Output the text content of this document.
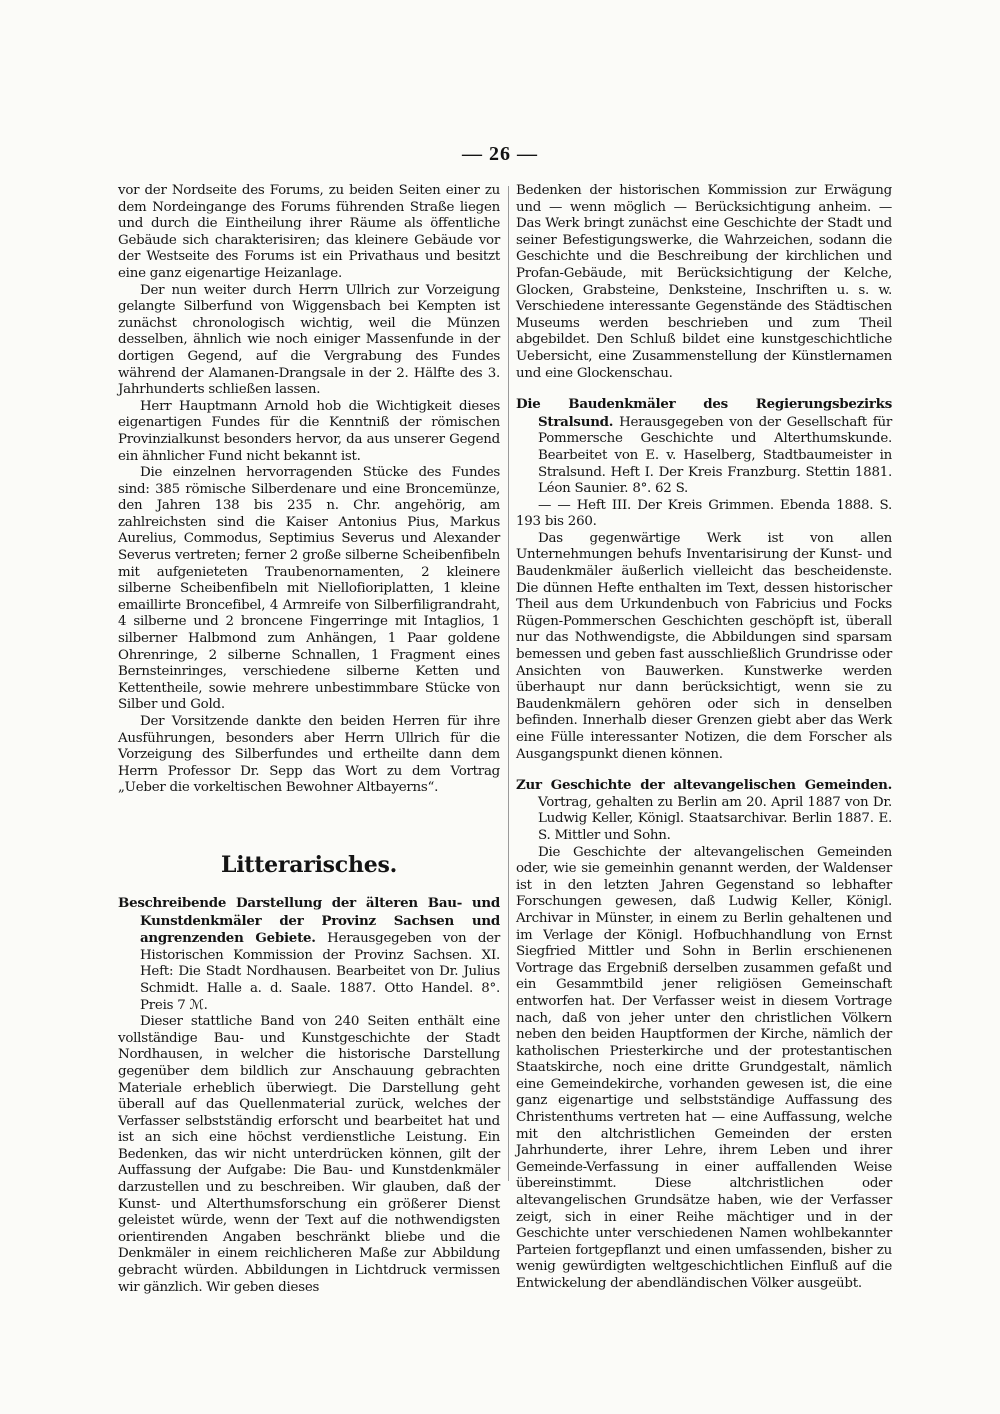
— 26 —

vor der Nordseite des Forums, zu beiden Seiten einer zu dem Nordeingange des Forums führenden Straße liegen und durch die Eintheilung ihrer Räume als öffentliche Gebäude sich charakterisiren; das kleinere Gebäude vor der Westseite des Forums ist ein Privathaus und besitzt eine ganz eigenartige Heizanlage.

Der nun weiter durch Herrn Ullrich zur Vorzeigung gelangte Silberfund von Wiggensbach bei Kempten ist zunächst chronologisch wichtig, weil die Münzen desselben, ähnlich wie noch einiger Massenfunde in der dortigen Gegend, auf die Vergrabung des Fundes während der Alamanen-Drangsale in der 2. Hälfte des 3. Jahrhunderts schließen lassen.

Herr Hauptmann Arnold hob die Wichtigkeit dieses eigenartigen Fundes für die Kenntniß der römischen Provinzialkunst besonders hervor, da aus unserer Gegend ein ähnlicher Fund nicht bekannt ist.

Die einzelnen hervorragenden Stücke des Fundes sind: 385 römische Silberdenare und eine Broncemünze, den Jahren 138 bis 235 n. Chr. angehörig, am zahlreichsten sind die Kaiser Antonius Pius, Markus Aurelius, Commodus, Septimius Severus und Alexander Severus vertreten; ferner 2 große silberne Scheibenfibeln mit aufgenieteten Traubenornamenten, 2 kleinere silberne Scheibenfibeln mit Niellofioriplatten, 1 kleine emaillirte Broncefibel, 4 Armreife von Silberfiligrandraht, 4 silberne und 2 broncene Fingerringe mit Intaglios, 1 silberner Halbmond zum Anhängen, 1 Paar goldene Ohrenringe, 2 silberne Schnallen, 1 Fragment eines Bernsteinringes, verschiedene silberne Ketten und Kettentheile, sowie mehrere unbestimmbare Stücke von Silber und Gold.

Der Vorsitzende dankte den beiden Herren für ihre Ausführungen, besonders aber Herrn Ullrich für die Vorzeigung des Silberfundes und ertheilte dann dem Herrn Professor Dr. Sepp das Wort zu dem Vortrag „Ueber die vorkeltischen Bewohner Altbayerns“.

Litterarisches.

Beschreibende Darstellung der älteren Bau- und Kunstdenkmäler der Provinz Sachsen und angrenzenden Gebiete. Herausgegeben von der Historischen Kommission der Provinz Sachsen. XI. Heft: Die Stadt Nordhausen. Bearbeitet von Dr. Julius Schmidt. Halle a. d. Saale. 1887. Otto Handel. 8°. Preis 7 ℳ.

Dieser stattliche Band von 240 Seiten enthält eine vollständige Bau- und Kunstgeschichte der Stadt Nordhausen, in welcher die historische Darstellung gegenüber dem bildlich zur Anschauung gebrachten Materiale erheblich überwiegt. Die Darstellung geht überall auf das Quellenmaterial zurück, welches der Verfasser selbstständig erforscht und bearbeitet hat und ist an sich eine höchst verdienstliche Leistung. Ein Bedenken, das wir nicht unterdrücken können, gilt der Auffassung der Aufgabe: Die Bau- und Kunstdenkmäler darzustellen und zu beschreiben. Wir glauben, daß der Kunst- und Alterthumsforschung ein größerer Dienst geleistet würde, wenn der Text auf die nothwendigsten orientirenden Angaben beschränkt bliebe und die Denkmäler in einem reichlicheren Maße zur Abbildung gebracht würden. Abbildungen in Lichtdruck vermissen wir gänzlich. Wir geben dieses

Bedenken der historischen Kommission zur Erwägung und — wenn möglich — Berücksichtigung anheim. — Das Werk bringt zunächst eine Geschichte der Stadt und seiner Befestigungswerke, die Wahrzeichen, sodann die Geschichte und die Beschreibung der kirchlichen und Profan-Gebäude, mit Berücksichtigung der Kelche, Glocken, Grabsteine, Denksteine, Inschriften u. s. w. Verschiedene interessante Gegenstände des Städtischen Museums werden beschrieben und zum Theil abgebildet. Den Schluß bildet eine kunstgeschichtliche Uebersicht, eine Zusammenstellung der Künstlernamen und eine Glockenschau.

Die Baudenkmäler des Regierungsbezirks Stralsund. Herausgegeben von der Gesellschaft für Pommersche Geschichte und Alterthumskunde. Bearbeitet von E. v. Haselberg, Stadtbaumeister in Stralsund. Heft I. Der Kreis Franzburg. Stettin 1881. Léon Saunier. 8°. 62 S.

— — Heft III. Der Kreis Grimmen. Ebenda 1888. S. 193 bis 260.

Das gegenwärtige Werk ist von allen Unternehmungen behufs Inventarisirung der Kunst- und Baudenkmäler äußerlich vielleicht das bescheidenste. Die dünnen Hefte enthalten im Text, dessen historischer Theil aus dem Urkundenbuch von Fabricius und Focks Rügen-Pommerschen Geschichten geschöpft ist, überall nur das Nothwendigste, die Abbildungen sind sparsam bemessen und geben fast ausschließlich Grundrisse oder Ansichten von Bauwerken. Kunstwerke werden überhaupt nur dann berücksichtigt, wenn sie zu Baudenkmälern gehören oder sich in denselben befinden. Innerhalb dieser Grenzen giebt aber das Werk eine Fülle interessanter Notizen, die dem Forscher als Ausgangspunkt dienen können.

Zur Geschichte der altevangelischen Gemeinden. Vortrag, gehalten zu Berlin am 20. April 1887 von Dr. Ludwig Keller, Königl. Staatsarchivar. Berlin 1887. E. S. Mittler und Sohn.

Die Geschichte der altevangelischen Gemeinden oder, wie sie gemeinhin genannt werden, der Waldenser ist in den letzten Jahren Gegenstand so lebhafter Forschungen gewesen, daß Ludwig Keller, Königl. Archivar in Münster, in einem zu Berlin gehaltenen und im Verlage der Königl. Hofbuchhandlung von Ernst Siegfried Mittler und Sohn in Berlin erschienenen Vortrage das Ergebniß derselben zusammen gefaßt und ein Gesammtbild jener religiösen Gemeinschaft entworfen hat. Der Verfasser weist in diesem Vortrage nach, daß von jeher unter den christlichen Völkern neben den beiden Hauptformen der Kirche, nämlich der katholischen Priesterkirche und der protestantischen Staatskirche, noch eine dritte Grundgestalt, nämlich eine Gemeindekirche, vorhanden gewesen ist, die eine ganz eigenartige und selbstständige Auffassung des Christenthums vertreten hat — eine Auffassung, welche mit den altchristlichen Gemeinden der ersten Jahrhunderte, ihrer Lehre, ihrem Leben und ihrer Gemeinde-Verfassung in einer auffallenden Weise übereinstimmt. Diese altchristlichen oder altevangelischen Grundsätze haben, wie der Verfasser zeigt, sich in einer Reihe mächtiger und in der Geschichte unter verschiedenen Namen wohlbekannter Parteien fortgepflanzt und einen umfassenden, bisher zu wenig gewürdigten weltgeschichtlichen Einfluß auf die Entwickelung der abendländischen Völker ausgeübt.
